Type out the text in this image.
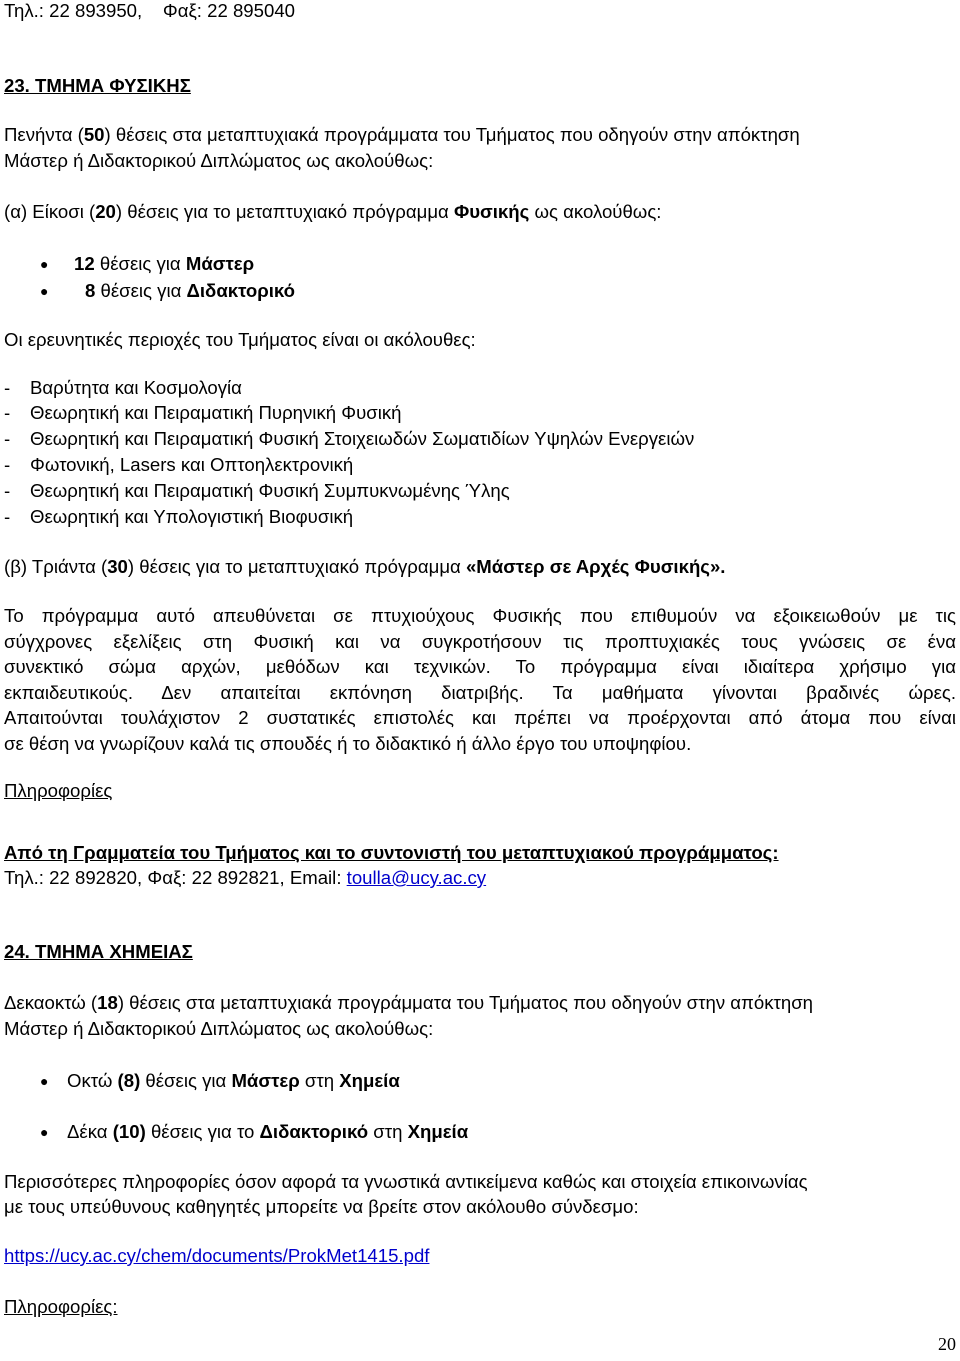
Τηλ.: 22 893950, Φαξ: 22 895040
23. ΤΜΗΜΑ ΦΥΣΙΚΗΣ
Πενήντα (50) θέσεις στα μεταπτυχιακά προγράμματα του Τμήματος που οδηγούν στην απόκτηση
Μάστερ ή Διδακτορικού Διπλώματος ως ακολούθως:
(α) Είκοσι (20) θέσεις για το μεταπτυχιακό πρόγραμμα Φυσικής ως ακολούθως:
● 12 θέσεις για Μάστερ
● 8 θέσεις για Διδακτορικό
Οι ερευνητικές περιοχές του Τμήματος είναι οι ακόλουθες:
- Βαρύτητα και Κοσμολογία
- Θεωρητική και Πειραματική Πυρηνική Φυσική
- Θεωρητική και Πειραματική Φυσική Στοιχειωδών Σωματιδίων Υψηλών Ενεργειών
- Φωτονική, Lasers και Οπτοηλεκτρονική
- Θεωρητική και Πειραματική Φυσική Συμπυκνωμένης Ύλης
- Θεωρητική και Υπολογιστική Βιοφυσική
(β) Τριάντα (30) θέσεις για το μεταπτυχιακό πρόγραμμα «Μάστερ σε Αρχές Φυσικής».
Το πρόγραμμα αυτό απευθύνεται σε πτυχιούχους Φυσικής που επιθυμούν να εξοικειωθούν με τις
σύγχρονες εξελίξεις στη Φυσική και να συγκροτήσουν τις προπτυχιακές τους γνώσεις σε ένα
συνεκτικό σώμα αρχών, μεθόδων και τεχνικών. Το πρόγραμμα είναι ιδιαίτερα χρήσιμο για
εκπαιδευτικούς. Δεν απαιτείται εκπόνηση διατριβής. Τα μαθήματα γίνονται βραδινές ώρες.
Απαιτούνται τουλάχιστον 2 συστατικές επιστολές και πρέπει να προέρχονται από άτομα που είναι
σε θέση να γνωρίζουν καλά τις σπουδές ή το διδακτικό ή άλλο έργο του υποψηφίου.
Πληροφορίες
Από τη Γραμματεία του Τμήματος και το συντονιστή του μεταπτυχιακού προγράμματος:
Τηλ.: 22 892820, Φαξ: 22 892821, Email: toulla@ucy.ac.cy
24. ΤΜΗΜΑ ΧΗΜΕΙΑΣ
Δεκαοκτώ (18) θέσεις στα μεταπτυχιακά προγράμματα του Τμήματος που οδηγούν στην απόκτηση
Μάστερ ή Διδακτορικού Διπλώματος ως ακολούθως:
● Οκτώ (8) θέσεις για Μάστερ στη Χημεία
● Δέκα (10) θέσεις για το Διδακτορικό στη Χημεία
Περισσότερες πληροφορίες όσον αφορά τα γνωστικά αντικείμενα καθώς και στοιχεία επικοινωνίας
με τους υπεύθυνους καθηγητές μπορείτε να βρείτε στον ακόλουθο σύνδεσμο:
https://ucy.ac.cy/chem/documents/ProkMet1415.pdf
Πληροφορίες:
20
